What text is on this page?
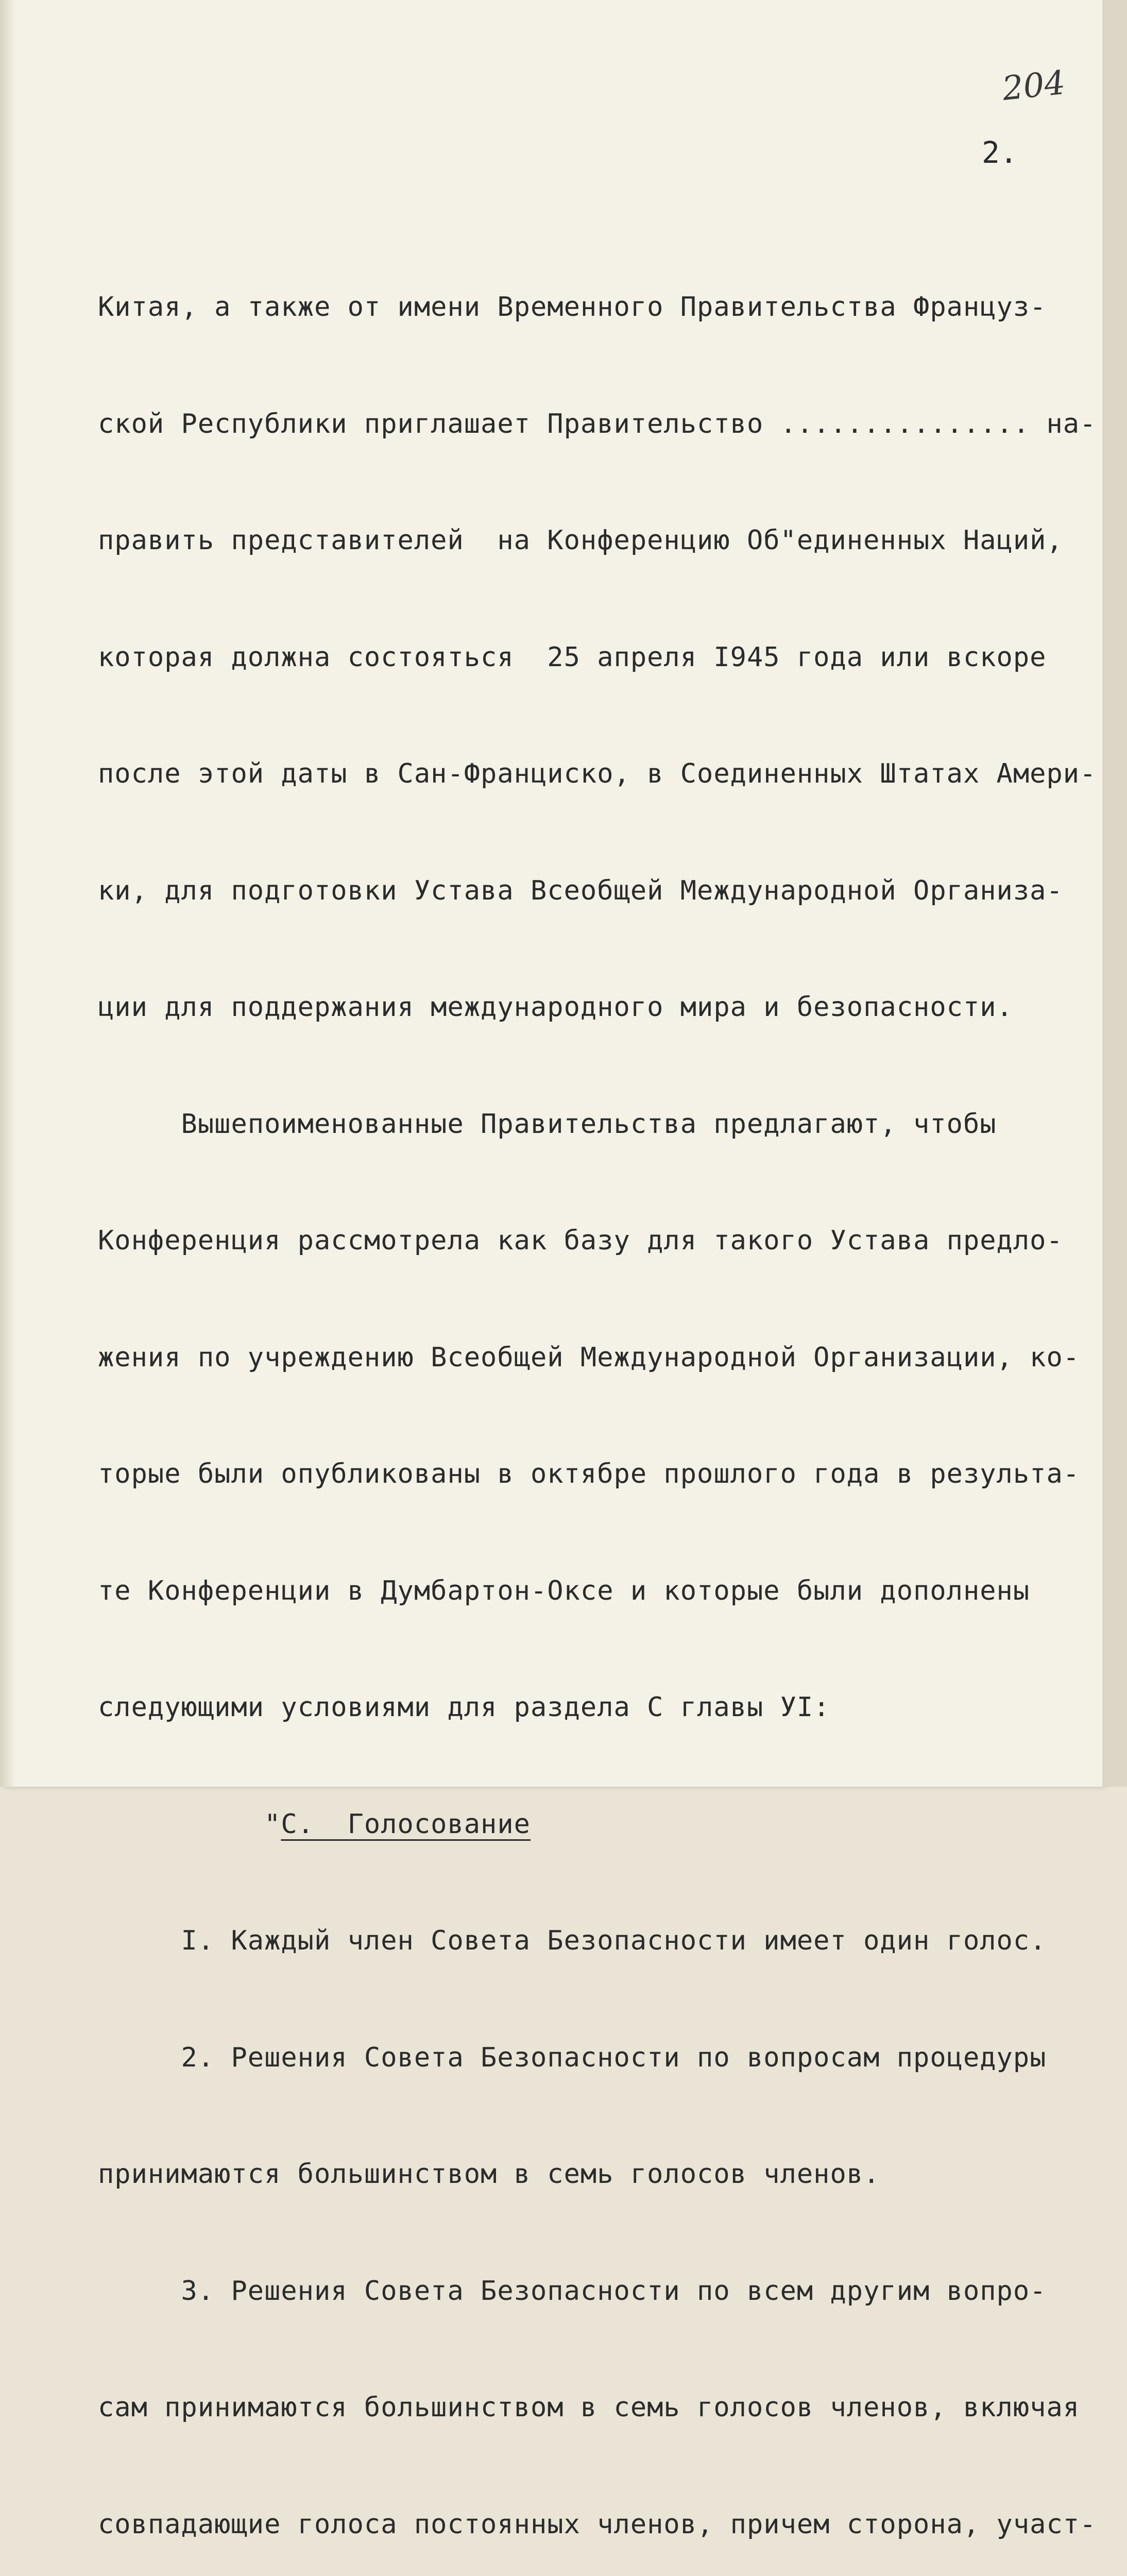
204
2.

Китая, а также от имени Временного Правительства Француз-

ской Республики приглашает Правительство ............... на-

править представителей  на Конференцию Об"единенных Наций,

которая должна состояться  25 апреля I945 года или вскоре

после этой даты в Сан-Франциско, в Соединенных Штатах Амери-

ки, для подготовки Устава Всеобщей Международной Организа-

ции для поддержания международного мира и безопасности.

Вышепоименованные Правительства предлагают, чтобы

Конференция рассмотрела как базу для такого Устава предло-

жения по учреждению Всеобщей Международной Организации, ко-

торые были опубликованы в октябре прошлого года в результа-

те Конференции в Думбартон-Оксе и которые были дополнены

следующими условиями для раздела С главы УI:

"С.  Голосование

I. Каждый член Совета Безопасности имеет один голос.

2. Решения Совета Безопасности по вопросам процедуры

принимаются большинством в семь голосов членов.

3. Решения Совета Безопасности по всем другим вопро-

сам принимаются большинством в семь голосов членов, включая

совпадающие голоса постоянных членов, причем сторона, участ-
